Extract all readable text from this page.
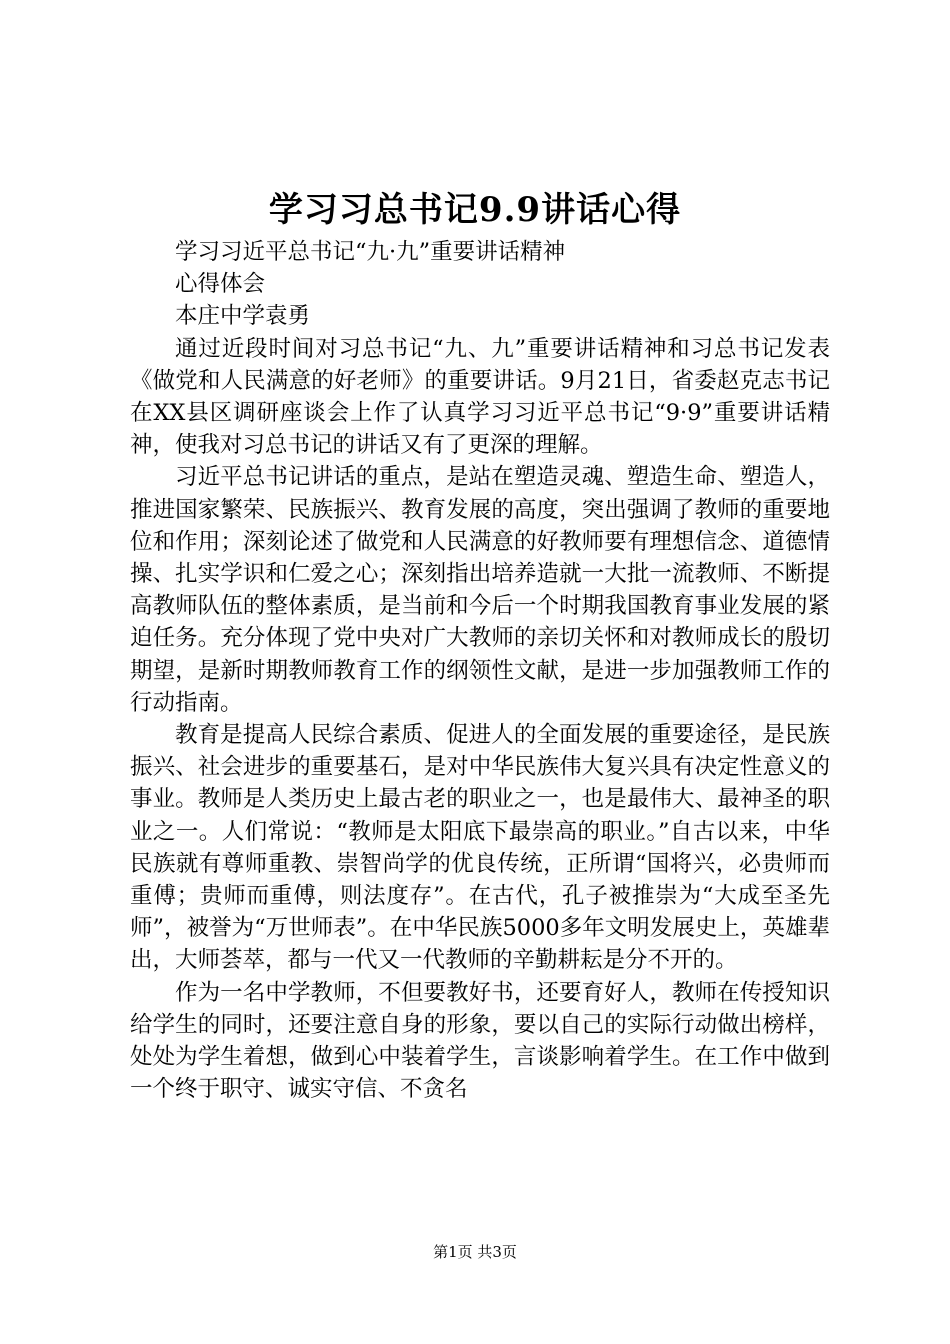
学习习总书记9.9讲话心得

学习习近平总书记“九·九”重要讲话精神

心得体会

本庄中学袁勇

通过近段时间对习总书记“九、九”重要讲话精神和习总书记发表《做党和人民满意的好老师》的重要讲话。9月21日，省委赵克志书记在XX县区调研座谈会上作了认真学习习近平总书记“9·9”重要讲话精神，使我对习总书记的讲话又有了更深的理解。

习近平总书记讲话的重点，是站在塑造灵魂、塑造生命、塑造人，推进国家繁荣、民族振兴、教育发展的高度，突出强调了教师的重要地位和作用；深刻论述了做党和人民满意的好教师要有理想信念、道德情操、扎实学识和仁爱之心；深刻指出培养造就一大批一流教师、不断提高教师队伍的整体素质，是当前和今后一个时期我国教育事业发展的紧迫任务。充分体现了党中央对广大教师的亲切关怀和对教师成长的殷切期望，是新时期教师教育工作的纲领性文献，是进一步加强教师工作的行动指南。

教育是提高人民综合素质、促进人的全面发展的重要途径，是民族振兴、社会进步的重要基石，是对中华民族伟大复兴具有决定性意义的事业。教师是人类历史上最古老的职业之一，也是最伟大、最神圣的职业之一。人们常说：“教师是太阳底下最崇高的职业。”自古以来，中华民族就有尊师重教、崇智尚学的优良传统，正所谓“国将兴，必贵师而重傅；贵师而重傅，则法度存”。在古代，孔子被推崇为“大成至圣先师”，被誉为“万世师表”。在中华民族5000多年文明发展史上，英雄辈出，大师荟萃，都与一代又一代教师的辛勤耕耘是分不开的。

作为一名中学教师，不但要教好书，还要育好人，教师在传授知识给学生的同时，还要注意自身的形象，要以自己的实际行动做出榜样，处处为学生着想，做到心中装着学生，言谈影响着学生。在工作中做到一个终于职守、诚实守信、不贪名

第1页 共3页
